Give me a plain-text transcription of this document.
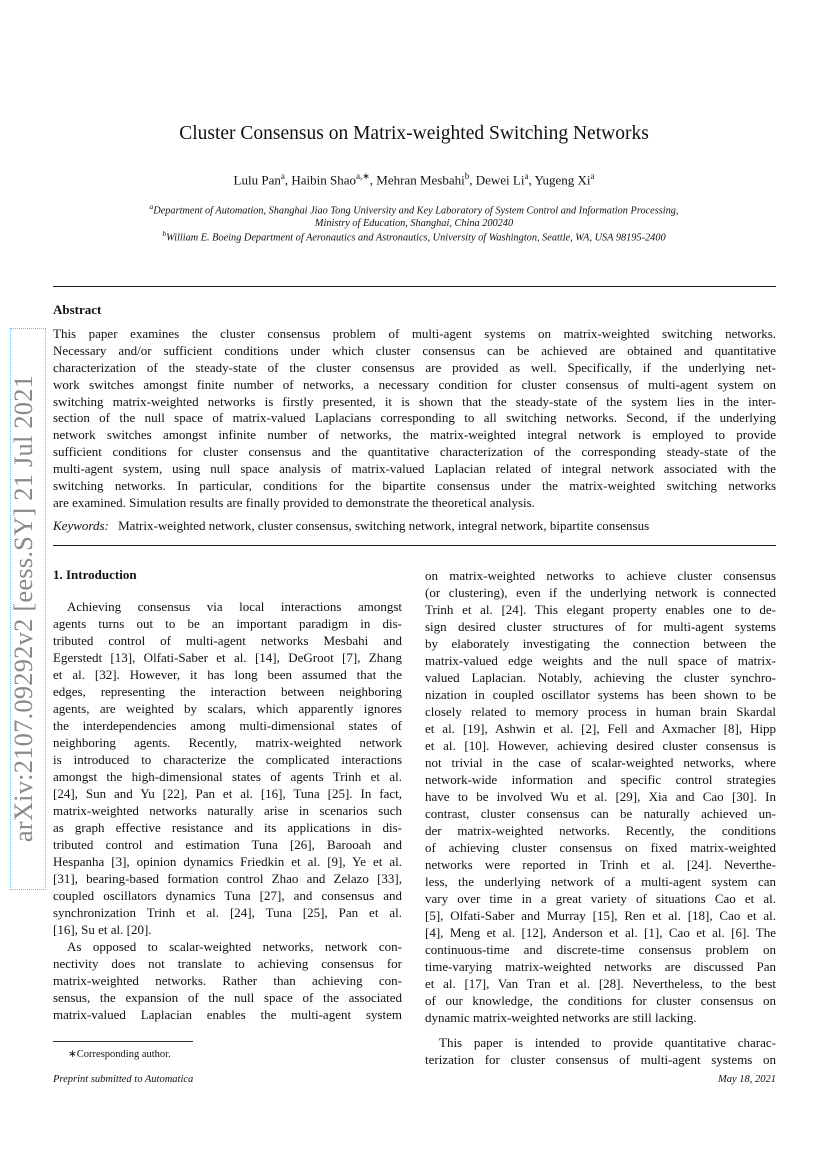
arXiv:2107.09292v2 [eess.SY] 21 Jul 2021
Cluster Consensus on Matrix-weighted Switching Networks
Lulu Pan$^a$, Haibin Shao$^{a,∗}$, Mehran Mesbahi$^b$, Dewei Li$^a$, Yugeng Xi$^a$
$^a$Department of Automation, Shanghai Jiao Tong University and Key Laboratory of System Control and Information Processing,
Ministry of Education, Shanghai, China 200240
$^b$William E. Boeing Department of Aeronautics and Astronautics, University of Washington, Seattle, WA, USA 98195-2400
Abstract
This paper examines the cluster consensus problem of multi-agent systems on matrix-weighted switching networks.
Necessary and/or sufficient conditions under which cluster consensus can be achieved are obtained and quantitative
characterization of the steady-state of the cluster consensus are provided as well. Specifically, if the underlying net-
work switches amongst finite number of networks, a necessary condition for cluster consensus of multi-agent system on
switching matrix-weighted networks is firstly presented, it is shown that the steady-state of the system lies in the inter-
section of the null space of matrix-valued Laplacians corresponding to all switching networks. Second, if the underlying
network switches amongst infinite number of networks, the matrix-weighted integral network is employed to provide
sufficient conditions for cluster consensus and the quantitative characterization of the corresponding steady-state of the
multi-agent system, using null space analysis of matrix-valued Laplacian related of integral network associated with the
switching networks. In particular, conditions for the bipartite consensus under the matrix-weighted switching networks
are examined. Simulation results are finally provided to demonstrate the theoretical analysis.
Keywords: Matrix-weighted network, cluster consensus, switching network, integral network, bipartite consensus
1. Introduction
Achieving consensus via local interactions amongst
agents turns out to be an important paradigm in dis-
tributed control of multi-agent networks Mesbahi and
Egerstedt [13], Olfati-Saber et al. [14], DeGroot [7], Zhang
et al. [32]. However, it has long been assumed that the
edges, representing the interaction between neighboring
agents, are weighted by scalars, which apparently ignores
the interdependencies among multi-dimensional states of
neighboring agents. Recently, matrix-weighted network
is introduced to characterize the complicated interactions
amongst the high-dimensional states of agents Trinh et al.
[24], Sun and Yu [22], Pan et al. [16], Tuna [25]. In fact,
matrix-weighted networks naturally arise in scenarios such
as graph effective resistance and its applications in dis-
tributed control and estimation Tuna [26], Barooah and
Hespanha [3], opinion dynamics Friedkin et al. [9], Ye et al.
[31], bearing-based formation control Zhao and Zelazo [33],
coupled oscillators dynamics Tuna [27], and consensus and
synchronization Trinh et al. [24], Tuna [25], Pan et al.
[16], Su et al. [20].
As opposed to scalar-weighted networks, network con-
nectivity does not translate to achieving consensus for
matrix-weighted networks. Rather than achieving con-
sensus, the expansion of the null space of the associated
matrix-valued Laplacian enables the multi-agent system
on matrix-weighted networks to achieve cluster consensus
(or clustering), even if the underlying network is connected
Trinh et al. [24]. This elegant property enables one to de-
sign desired cluster structures of for multi-agent systems
by elaborately investigating the connection between the
matrix-valued edge weights and the null space of matrix-
valued Laplacian. Notably, achieving the cluster synchro-
nization in coupled oscillator systems has been shown to be
closely related to memory process in human brain Skardal
et al. [19], Ashwin et al. [2], Fell and Axmacher [8], Hipp
et al. [10]. However, achieving desired cluster consensus is
not trivial in the case of scalar-weighted networks, where
network-wide information and specific control strategies
have to be involved Wu et al. [29], Xia and Cao [30]. In
contrast, cluster consensus can be naturally achieved un-
der matrix-weighted networks. Recently, the conditions
of achieving cluster consensus on fixed matrix-weighted
networks were reported in Trinh et al. [24]. Neverthe-
less, the underlying network of a multi-agent system can
vary over time in a great variety of situations Cao et al.
[5], Olfati-Saber and Murray [15], Ren et al. [18], Cao et al.
[4], Meng et al. [12], Anderson et al. [1], Cao et al. [6]. The
continuous-time and discrete-time consensus problem on
time-varying matrix-weighted networks are discussed Pan
et al. [17], Van Tran et al. [28]. Nevertheless, to the best
of our knowledge, the conditions for cluster consensus on
dynamic matrix-weighted networks are still lacking.
This paper is intended to provide quantitative charac-
terization for cluster consensus of multi-agent systems on
∗Corresponding author.
Preprint submitted to Automatica	May 18, 2021
